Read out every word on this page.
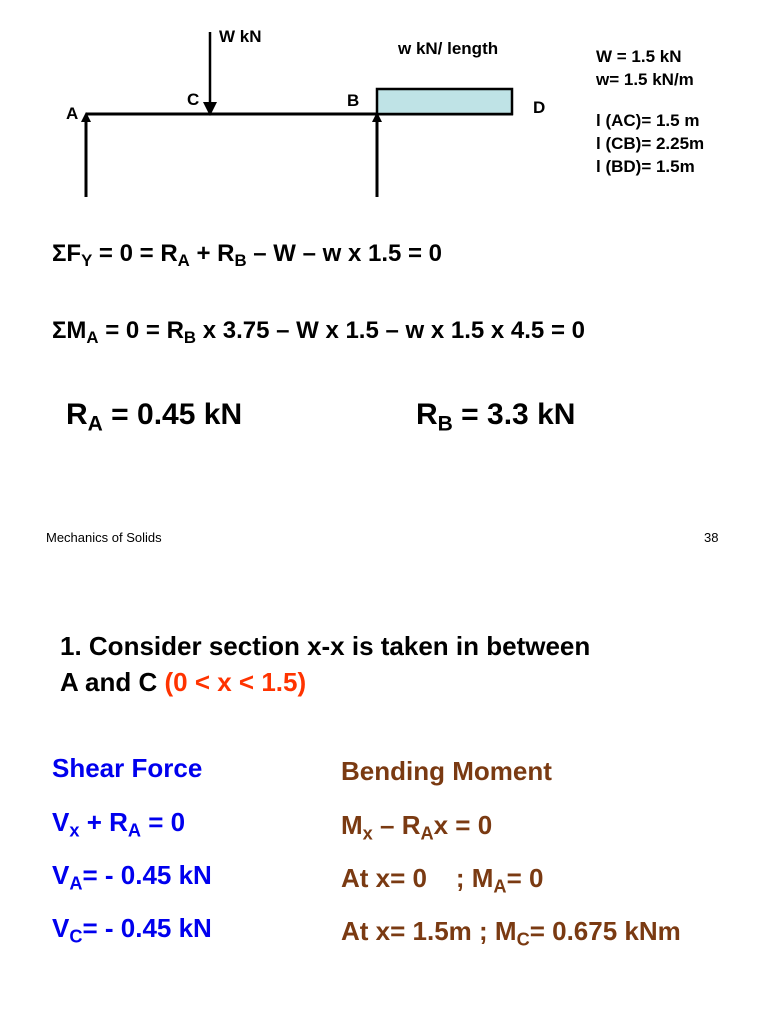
W kN
w kN/ length
A
C	B	D
W = 1.5 kN
w= 1.5 kN/m
l (AC)= 1.5 m
l (CB)= 2.25m
l (BD)= 1.5m
$\Sigma F_Y = 0 = R_A + R_B - W - w$ x 1.5 = 0
$\Sigma M_A = 0 = R_B$ x 3.75 – W x 1.5 – w x 1.5 x 4.5 = 0
$R_A = 0.45$ kN	$R_B = 3.3$ kN
Mechanics of Solids	38
1. Consider section x-x is taken in between
A and C (0 < x < 1.5)
Shear Force
$V_x + R_A = 0$
$V_A= - 0.45$ kN
$V_C= - 0.45$ kN
Bending Moment
$M_x - R_Ax = 0$
At x= 0    ; $M_A= 0$
At x= 1.5m ; $M_C= 0.675$ kNm
